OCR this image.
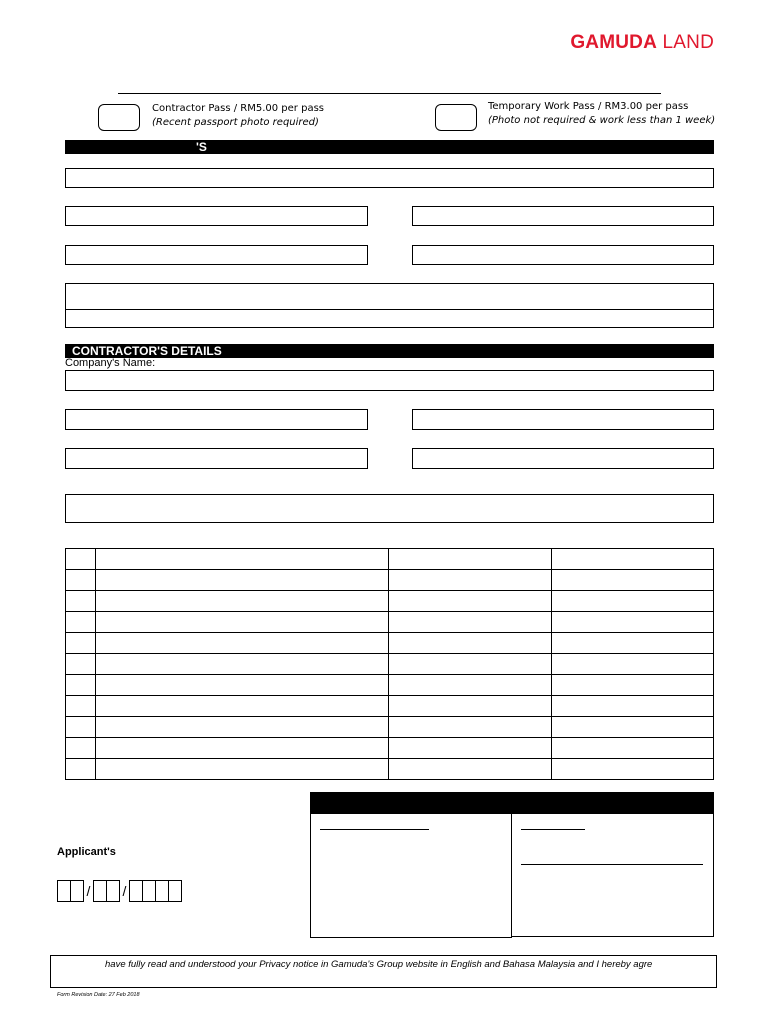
GAMUDA LAND
Contractor Pass / RM5.00 per pass
(Recent passport photo required)
Temporary Work Pass / RM3.00 per pass
(Photo not required & work less than 1 week)
'S
CONTRACTOR'S DETAILS
Company's Name:

Applicant's
/ /
have fully read and understood your Privacy notice in Gamuda's Group website in English and Bahasa Malaysia and I hereby agre
Form Revision Date: 27 Feb 2018
